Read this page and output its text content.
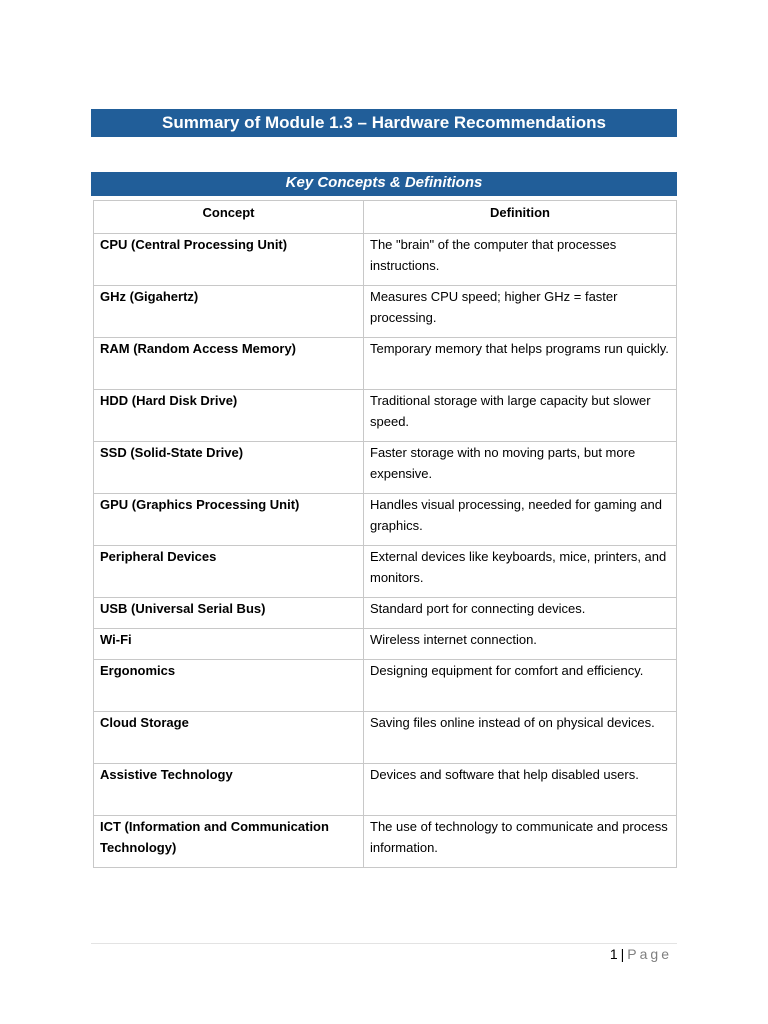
Summary of Module 1.3 – Hardware Recommendations
Key Concepts & Definitions
Concept	Definition
CPU (Central Processing Unit)	The "brain" of the computer that processes instructions.
GHz (Gigahertz)	Measures CPU speed; higher GHz = faster processing.
RAM (Random Access Memory)	Temporary memory that helps programs run quickly.
HDD (Hard Disk Drive)	Traditional storage with large capacity but slower speed.
SSD (Solid-State Drive)	Faster storage with no moving parts, but more expensive.
GPU (Graphics Processing Unit)	Handles visual processing, needed for gaming and graphics.
Peripheral Devices	External devices like keyboards, mice, printers, and monitors.
USB (Universal Serial Bus)	Standard port for connecting devices.
Wi-Fi	Wireless internet connection.
Ergonomics	Designing equipment for comfort and efficiency.
Cloud Storage	Saving files online instead of on physical devices.
Assistive Technology	Devices and software that help disabled users.
ICT (Information and Communication Technology)	The use of technology to communicate and process information.
1 | Page
